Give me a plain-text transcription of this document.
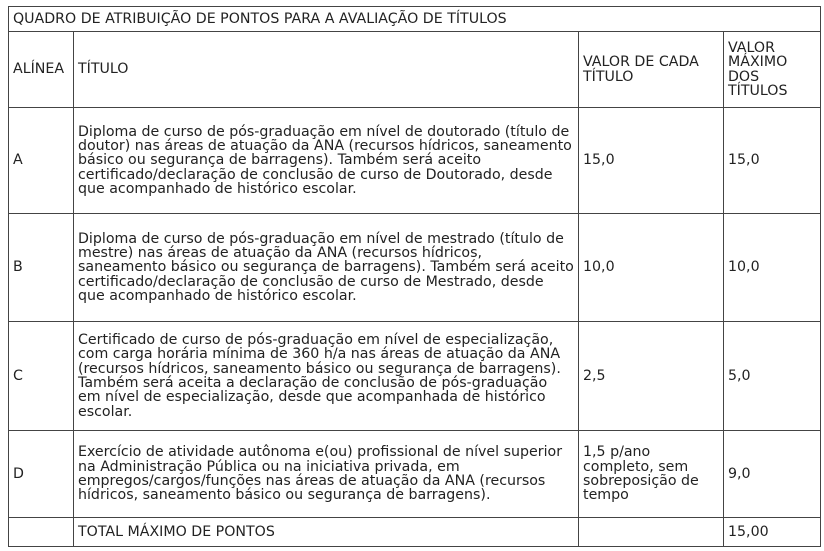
QUADRO DE ATRIBUIÇÃO DE PONTOS PARA A AVALIAÇÃO DE TÍTULOS			
ALÍNEA	TÍTULO	VALOR DE CADA TÍTULO	VALOR MÁXIMO DOS TÍTULOS
A	Diploma de curso de pós-graduação em nível de doutorado (título de doutor) nas áreas de atuação da ANA (recursos hídricos, saneamento básico ou segurança de barragens). Também será aceito certificado/declaração de conclusão de curso de Doutorado, desde que acompanhado de histórico escolar.	15,0	15,0
B	Diploma de curso de pós-graduação em nível de mestrado (título de mestre) nas áreas de atuação da ANA (recursos hídricos, saneamento básico ou segurança de barragens). Também será aceito certificado/declaração de conclusão de curso de Mestrado, desde que acompanhado de histórico escolar.	10,0	10,0
C	Certificado de curso de pós-graduação em nível de especialização, com carga horária mínima de 360 h/a nas áreas de atuação da ANA (recursos hídricos, saneamento básico ou segurança de barragens). Também será aceita a declaração de conclusão de pós-graduação em nível de especialização, desde que acompanhada de histórico escolar.	2,5	5,0
D	Exercício de atividade autônoma e(ou) profissional de nível superior na Administração Pública ou na iniciativa privada, em empregos/cargos/funções nas áreas de atuação da ANA (recursos hídricos, saneamento básico ou segurança de barragens).	1,5 p/ano completo, sem sobreposição de tempo	9,0
	TOTAL MÁXIMO DE PONTOS		15,00
